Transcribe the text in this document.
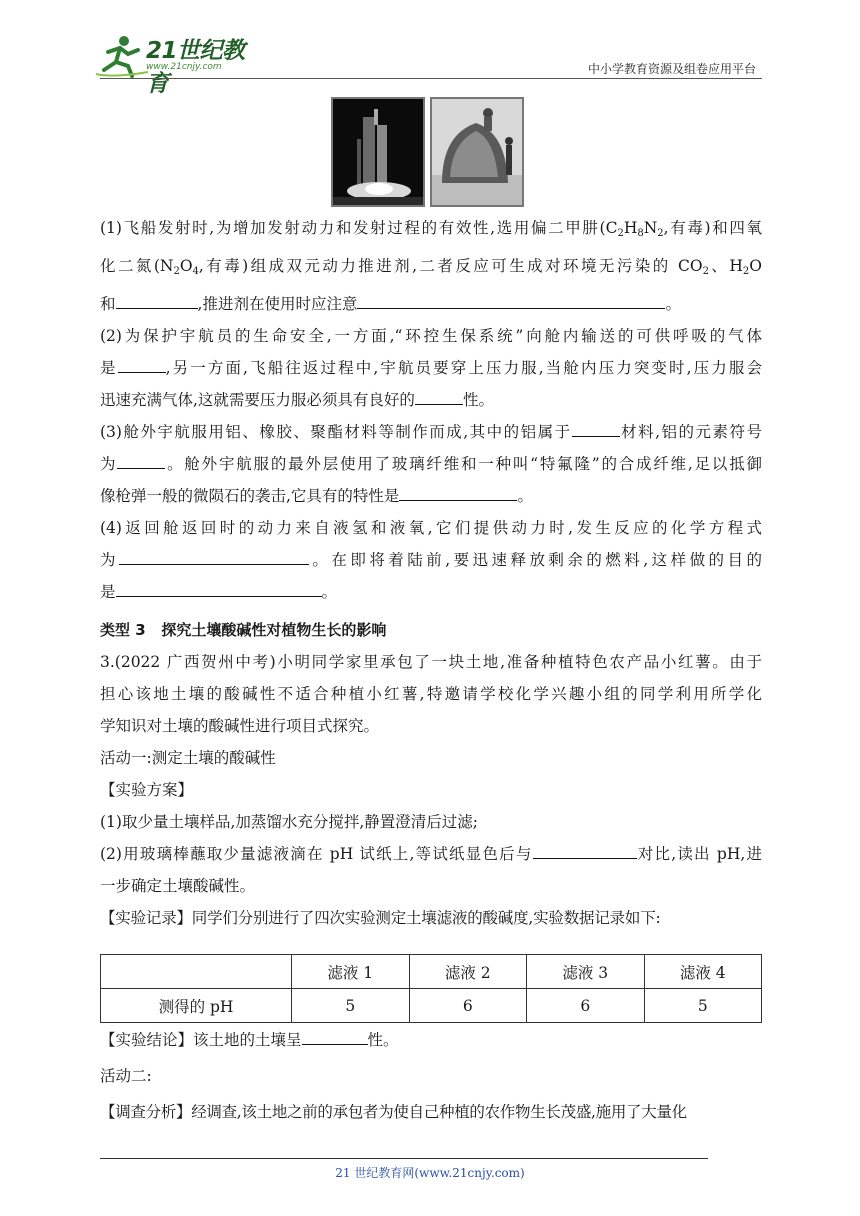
21世纪教育
www.21cnjy.com	中小学教育资源及组卷应用平台
(1)飞船发射时,为增加发射动力和发射过程的有效性,选用偏二甲肼($C_2H_8N_2$,有毒)和四氧
化二氮($N_2O_4$,有毒)组成双元动力推进剂,二者反应可生成对环境无污染的 $CO_2$、$H_2O$
和	,推进剂在使用时应注意	。
(2)为保护宇航员的生命安全,一方面,“环控生保系统”向舱内输送的可供呼吸的气体
是	,另一方面,飞船往返过程中,宇航员要穿上压力服,当舱内压力突变时,压力服会
迅速充满气体,这就需要压力服必须具有良好的	性。
(3)舱外宇航服用铝、橡胶、聚酯材料等制作而成,其中的铝属于	材料,铝的元素符号
为	。舱外宇航服的最外层使用了玻璃纤维和一种叫“特氟隆”的合成纤维,足以抵御
像枪弹一般的微陨石的袭击,它具有的特性是	。
(4)返回舱返回时的动力来自液氢和液氧,它们提供动力时,发生反应的化学方程式
为	。在即将着陆前,要迅速释放剩余的燃料,这样做的目的
是	。
类型 3 探究土壤酸碱性对植物生长的影响
3.(2022 广西贺州中考)小明同学家里承包了一块土地,准备种植特色农产品小红薯。由于
担心该地土壤的酸碱性不适合种植小红薯,特邀请学校化学兴趣小组的同学利用所学化
学知识对土壤的酸碱性进行项目式探究。
活动一:测定土壤的酸碱性
【实验方案】
(1)取少量土壤样品,加蒸馏水充分搅拌,静置澄清后过滤;
(2)用玻璃棒蘸取少量滤液滴在 pH 试纸上,等试纸显色后与	对比,读出 pH,进
一步确定土壤酸碱性。
【实验记录】同学们分别进行了四次实验测定土壤滤液的酸碱度,实验数据记录如下:
	滤液 1	滤液 2	滤液 3	滤液 4
测得的 pH	5	6	6	5
【实验结论】该土地的土壤呈	性。
活动二:
【调查分析】经调查,该土地之前的承包者为使自己种植的农作物生长茂盛,施用了大量化
21 世纪教育网(www.21cnjy.com)
